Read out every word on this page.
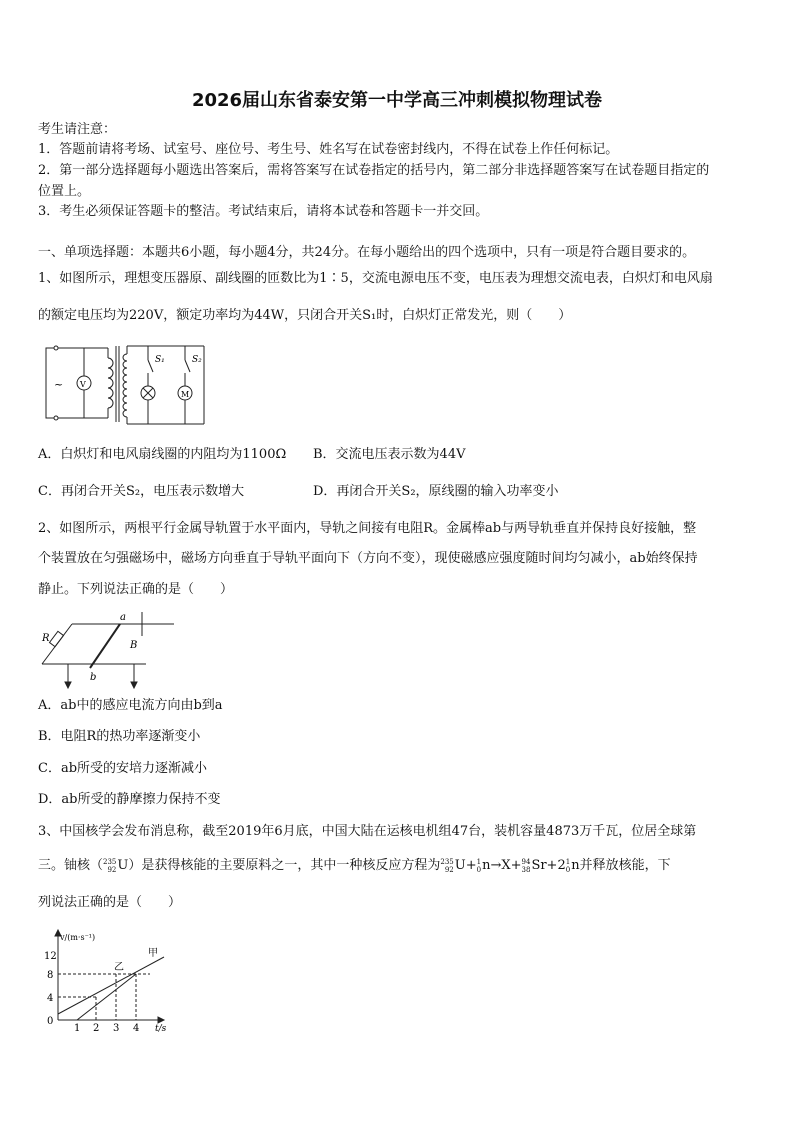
2026届山东省泰安第一中学高三冲刺模拟物理试卷
考生请注意：
1．答题前请将考场、试室号、座位号、考生号、姓名写在试卷密封线内，不得在试卷上作任何标记。
2．第一部分选择题每小题选出答案后，需将答案写在试卷指定的括号内，第二部分非选择题答案写在试卷题目指定的
位置上。
3．考生必须保证答题卡的整洁。考试结束后，请将本试卷和答题卡一并交回。
一、单项选择题：本题共6小题，每小题4分，共24分。在每小题给出的四个选项中，只有一项是符合题目要求的。
1、如图所示，理想变压器原、副线圈的匝数比为1∶5，交流电源电压不变，电压表为理想交流电表，白炽灯和电风扇
的额定电压均为220V，额定功率均为44W，只闭合开关S₁时，白炽灯正常发光，则（　　）
~ V
S₁	S₂
M
A．白炽灯和电风扇线圈的内阻均为1100Ω B．交流电压表示数为44V
C．再闭合开关S₂，电压表示数增大	D．再闭合开关S₂，原线圈的输入功率变小
2、如图所示，两根平行金属导轨置于水平面内，导轨之间接有电阻R。金属棒ab与两导轨垂直并保持良好接触，整
个装置放在匀强磁场中，磁场方向垂直于导轨平面向下（方向不变），现使磁感应强度随时间均匀减小，ab始终保持
静止。下列说法正确的是（　　）
R
a
b
B
A．ab中的感应电流方向由b到a
B．电阻R的热功率逐渐变小
C．ab所受的安培力逐渐减小
D．ab所受的静摩擦力保持不变
3、中国核学会发布消息称，截至2019年6月底，中国大陆在运核电机组47台，装机容量4873万千瓦，位居全球第
三。铀核（235
92U）是获得核能的主要原料之一，其中一种核反应方程为235
92U+1
0n→X+94
38Sr+21
0n并释放核能，下
列说法正确的是（　　）
v/(m·s⁻¹)
t/s
12
8
4
0
1 2 3 4
甲
乙
